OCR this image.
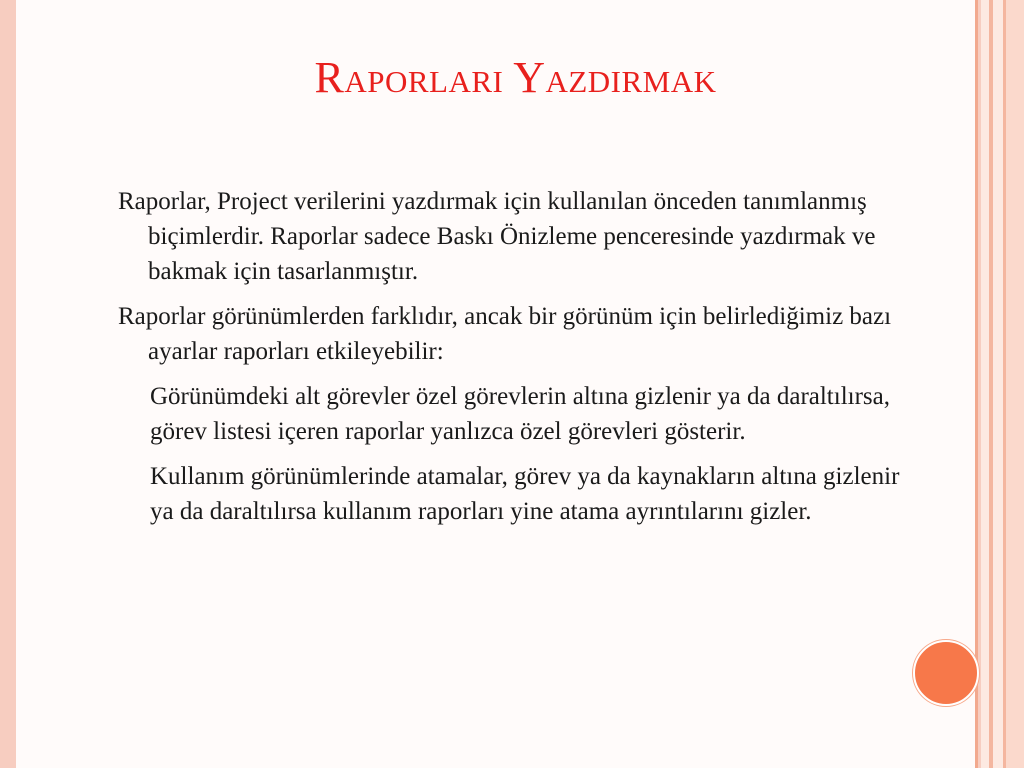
Raporları Yazdırmak

Raporlar, Project verilerini yazdırmak için kullanılan önceden tanımlanmış biçimlerdir. Raporlar sadece Baskı Önizleme penceresinde yazdırmak ve bakmak için tasarlanmıştır.

Raporlar görünümlerden farklıdır, ancak bir görünüm için belirlediğimiz bazı ayarlar raporları etkileyebilir:

Görünümdeki alt görevler özel görevlerin altına gizlenir ya da daraltılırsa, görev listesi içeren raporlar yanlızca özel görevleri gösterir.

Kullanım görünümlerinde atamalar, görev ya da kaynakların altına gizlenir ya da daraltılırsa kullanım raporları yine atama ayrıntılarını gizler.
